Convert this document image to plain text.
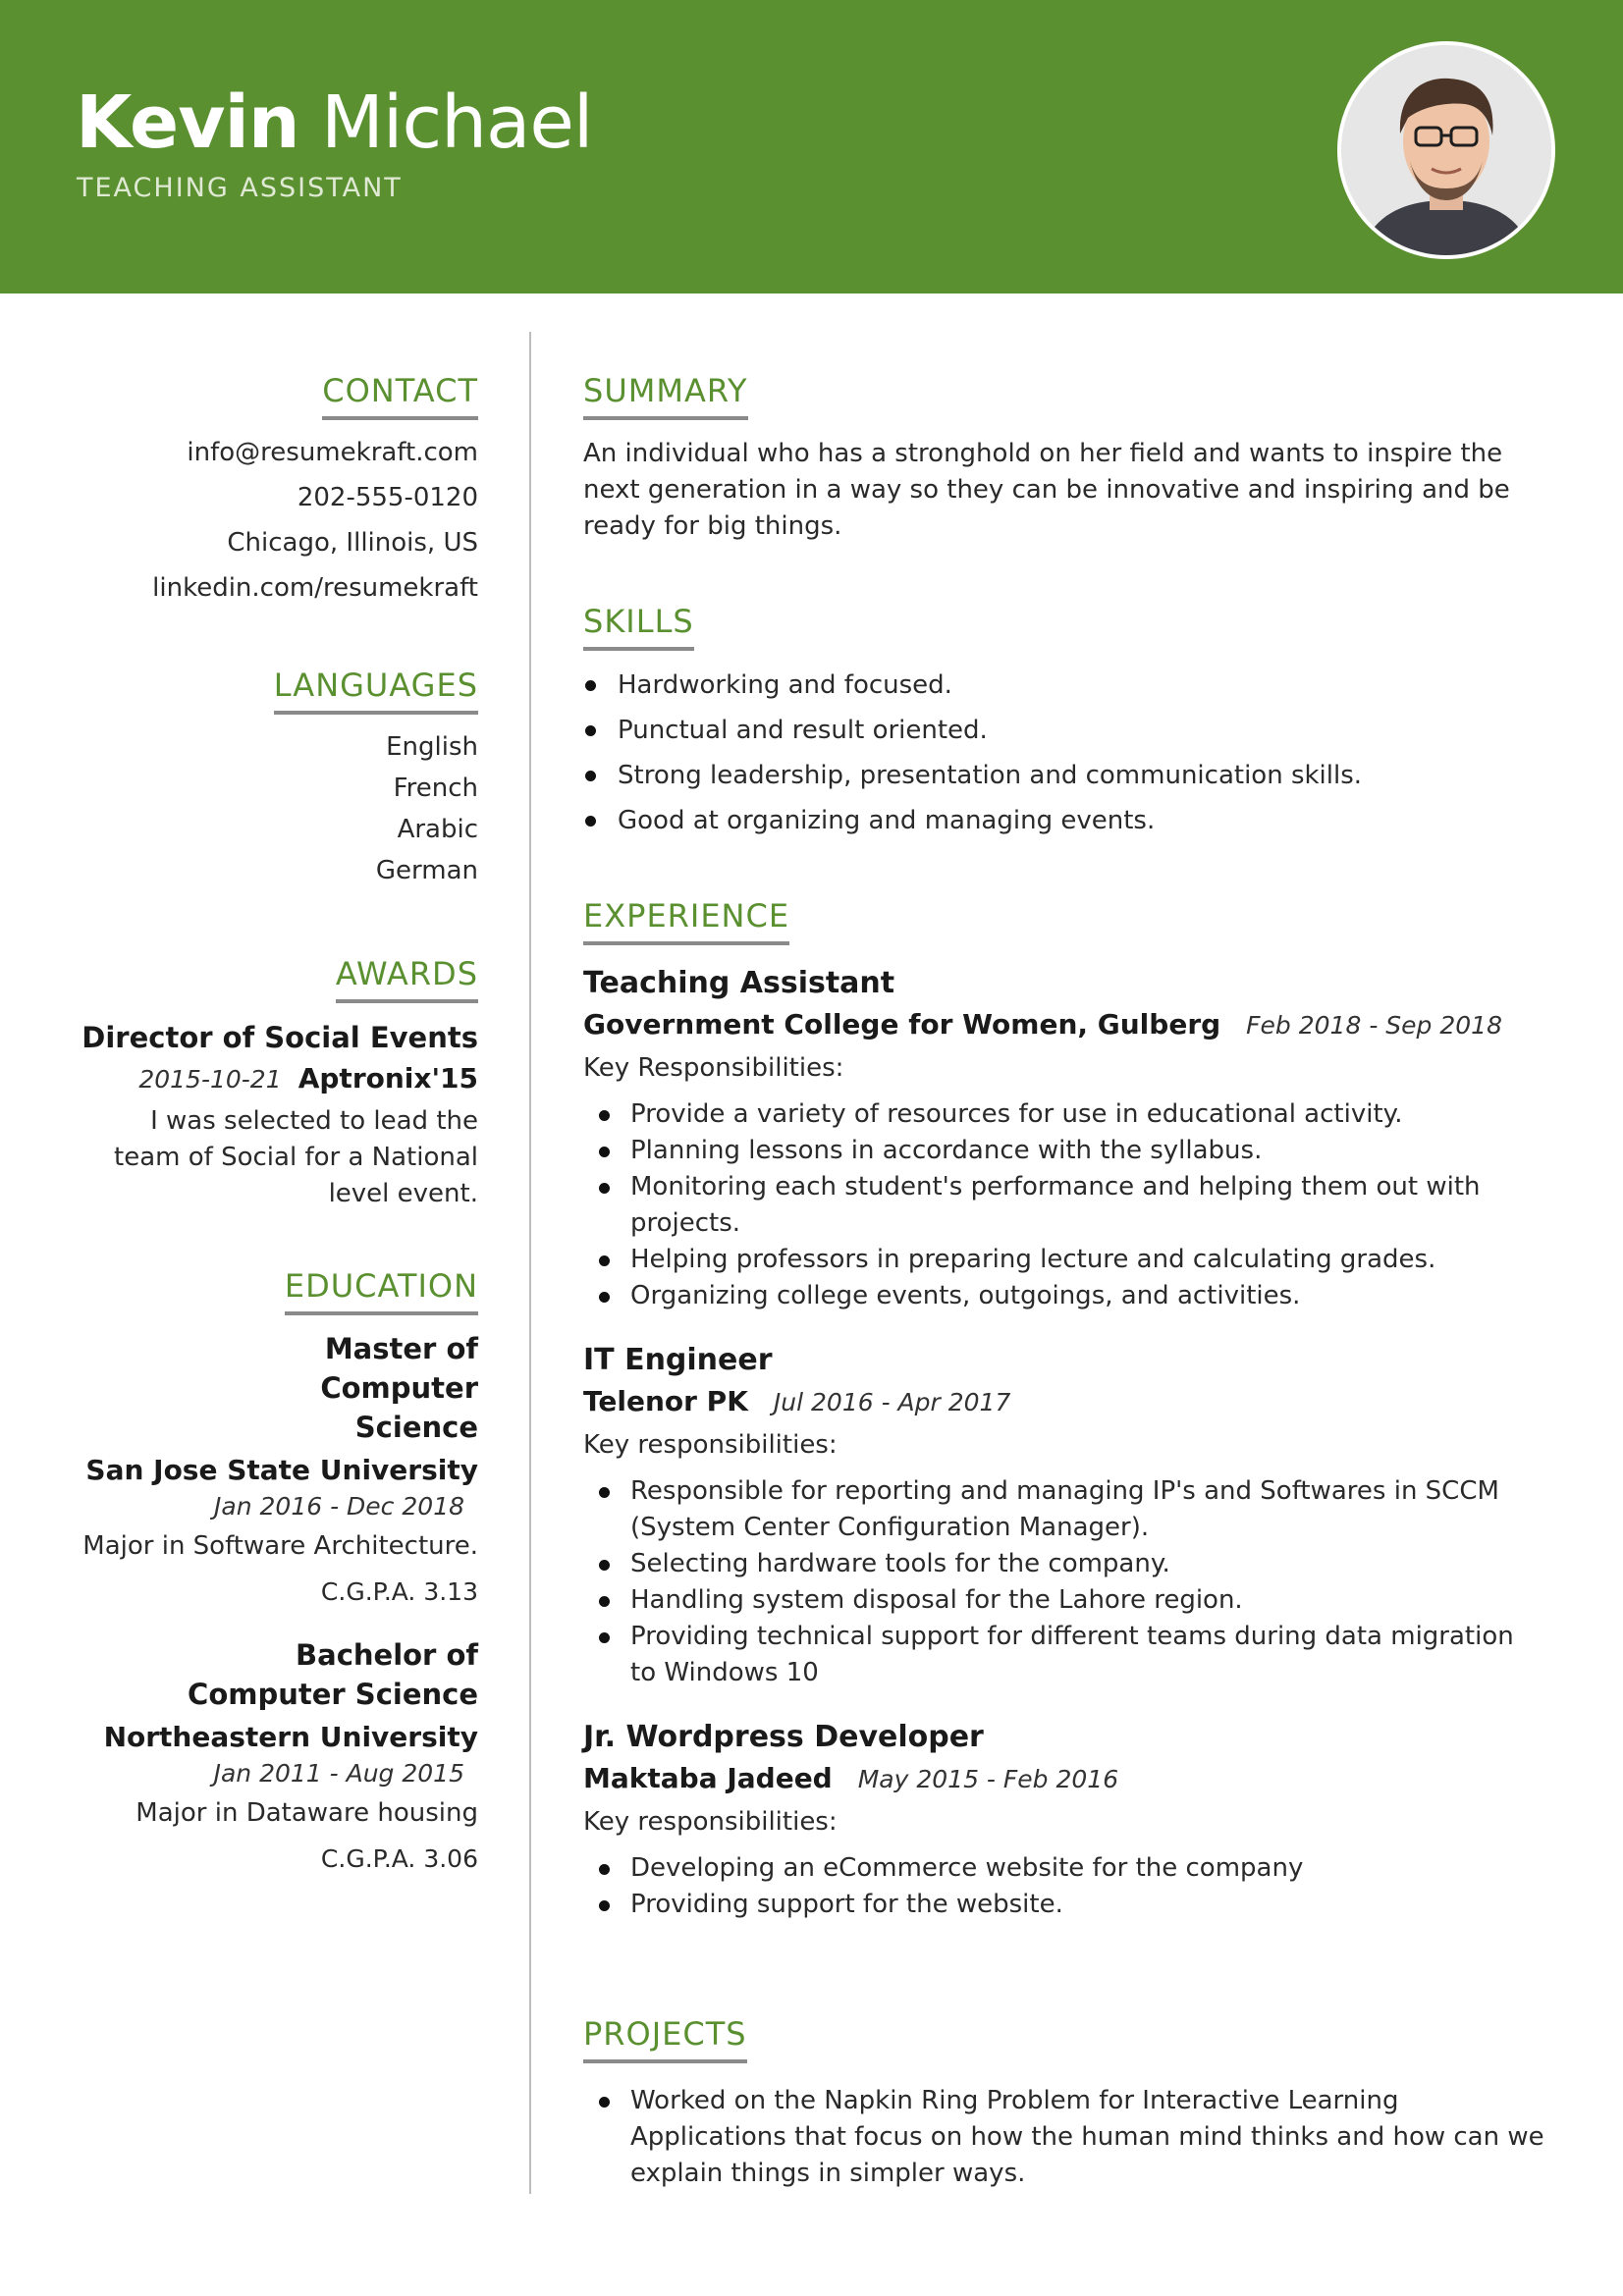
Kevin Michael
TEACHING ASSISTANT
CONTACT

info@resumekraft.com

202-555-0120

Chicago, Illinois, US

linkedin.com/resumekraft

LANGUAGES

English

French

Arabic

German

AWARDS

Director of Social Events

2015-10-21 Aptronix'15

I was selected to lead the team of Social for a National level event.

EDUCATION

Master of Computer Science

San Jose State University

Jan 2016 - Dec 2018

Major in Software Architecture.

C.G.P.A. 3.13

Bachelor of Computer Science

Northeastern University

Jan 2011 - Aug 2015

Major in Dataware housing

C.G.P.A. 3.06

SUMMARY

An individual who has a stronghold on her field and wants to inspire the next generation in a way so they can be innovative and inspiring and be ready for big things.

SKILLS
Hardworking and focused.
Punctual and result oriented.
Strong leadership, presentation and communication skills.
Good at organizing and managing events.
EXPERIENCE

Teaching Assistant

Government College for Women, Gulberg Feb 2018 - Sep 2018

Key Responsibilities:

Provide a variety of resources for use in educational activity.
Planning lessons in accordance with the syllabus.
Monitoring each student's performance and helping them out with projects.
Helping professors in preparing lecture and calculating grades.
Organizing college events, outgoings, and activities.

IT Engineer

Telenor PK Jul 2016 - Apr 2017

Key responsibilities:

Responsible for reporting and managing IP's and Softwares in SCCM (System Center Configuration Manager).
Selecting hardware tools for the company.
Handling system disposal for the Lahore region.
Providing technical support for different teams during data migration to Windows 10

Jr. Wordpress Developer

Maktaba Jadeed May 2015 - Feb 2016

Key responsibilities:

Developing an eCommerce website for the company
Providing support for the website.
PROJECTS
Worked on the Napkin Ring Problem for Interactive Learning Applications that focus on how the human mind thinks and how can we explain things in simpler ways.
